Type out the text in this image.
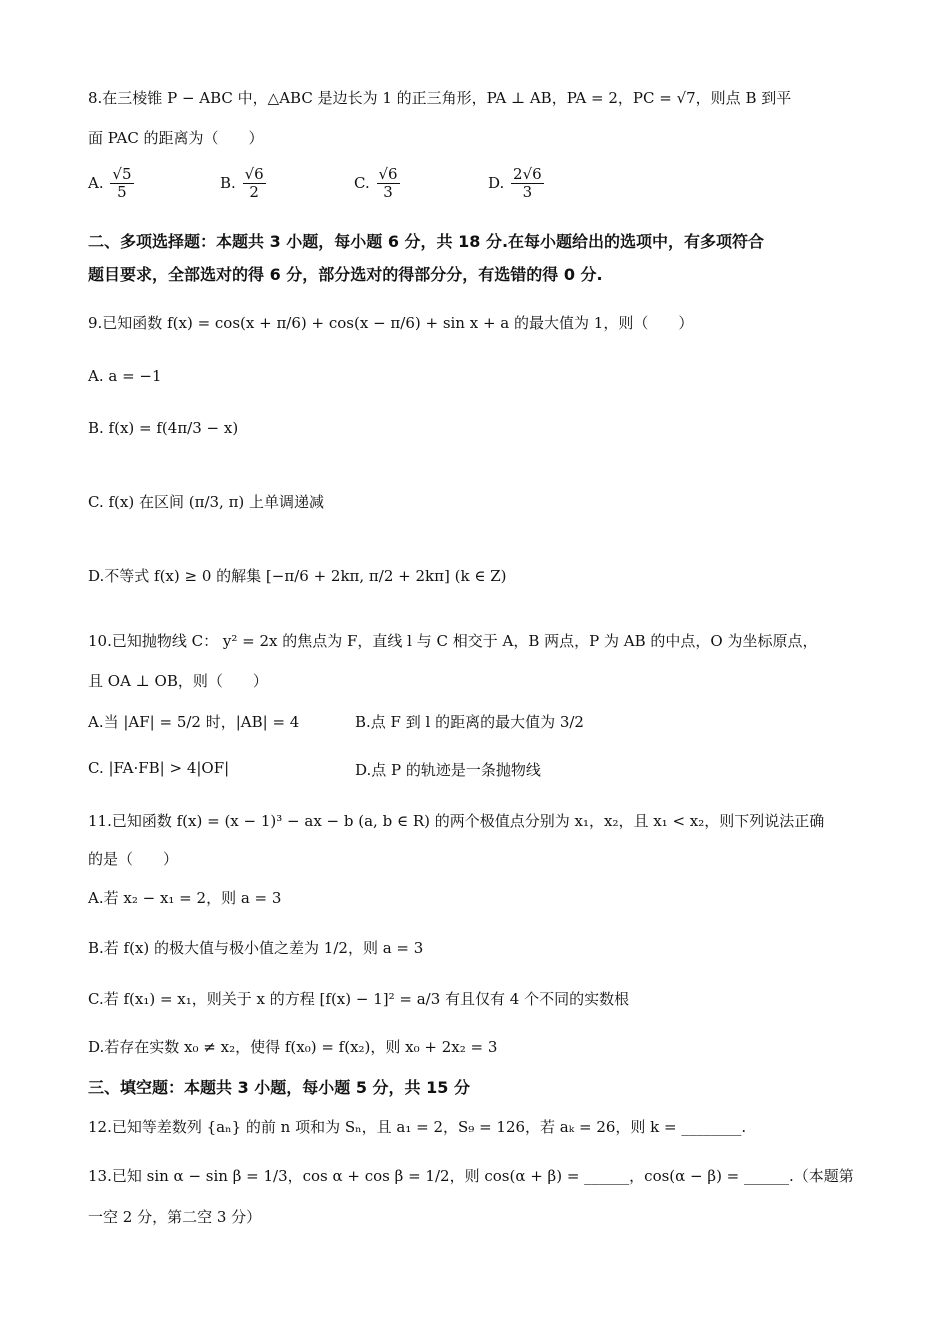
8.在三棱锥 P − ABC 中，△ABC 是边长为 1 的正三角形，PA ⊥ AB，PA = 2，PC = √7，则点 B 到平
面 PAC 的距离为（　　）
A. $\frac{√5}{5}$	B. $\frac{√6}{2}$	C. $\frac{√6}{3}$	D. $\frac{2√6}{3}$
二、多项选择题：本题共 3 小题，每小题 6 分，共 18 分.在每小题给出的选项中，有多项符合
题目要求，全部选对的得 6 分，部分选对的得部分分，有选错的得 0 分.
9.已知函数 f(x) = cos(x + π/6) + cos(x − π/6) + sin x + a 的最大值为 1，则（　　）
A. a = −1
B. f(x) = f(4π/3 − x)
C. f(x) 在区间 (π/3, π) 上单调递减
D.不等式 f(x) ≥ 0 的解集 [−π/6 + 2kπ, π/2 + 2kπ] (k ∈ Z)
10.已知抛物线 C： y² = 2x 的焦点为 F，直线 l 与 C 相交于 A，B 两点，P 为 AB 的中点，O 为坐标原点，
且 OA ⊥ OB，则（　　）
A.当 |AF| = 5/2 时，|AB| = 4	B.点 F 到 l 的距离的最大值为 3/2
C. |FA·FB| > 4|OF|	D.点 P 的轨迹是一条抛物线
11.已知函数 f(x) = (x − 1)³ − ax − b (a, b ∈ R) 的两个极值点分别为 x₁，x₂，且 x₁ < x₂，则下列说法正确
的是（　　）
A.若 x₂ − x₁ = 2，则 a = 3
B.若 f(x) 的极大值与极小值之差为 1/2，则 a = 3
C.若 f(x₁) = x₁，则关于 x 的方程 [f(x) − 1]² = a/3 有且仅有 4 个不同的实数根
D.若存在实数 x₀ ≠ x₂，使得 f(x₀) = f(x₂)，则 x₀ + 2x₂ = 3
三、填空题：本题共 3 小题，每小题 5 分，共 15 分
12.已知等差数列 {aₙ} 的前 n 项和为 Sₙ，且 a₁ = 2，S₉ = 126，若 aₖ = 26，则 k = ________.
13.已知 sin α − sin β = 1/3，cos α + cos β = 1/2，则 cos(α + β) = ______，cos(α − β) = ______.（本题第
一空 2 分，第二空 3 分）
